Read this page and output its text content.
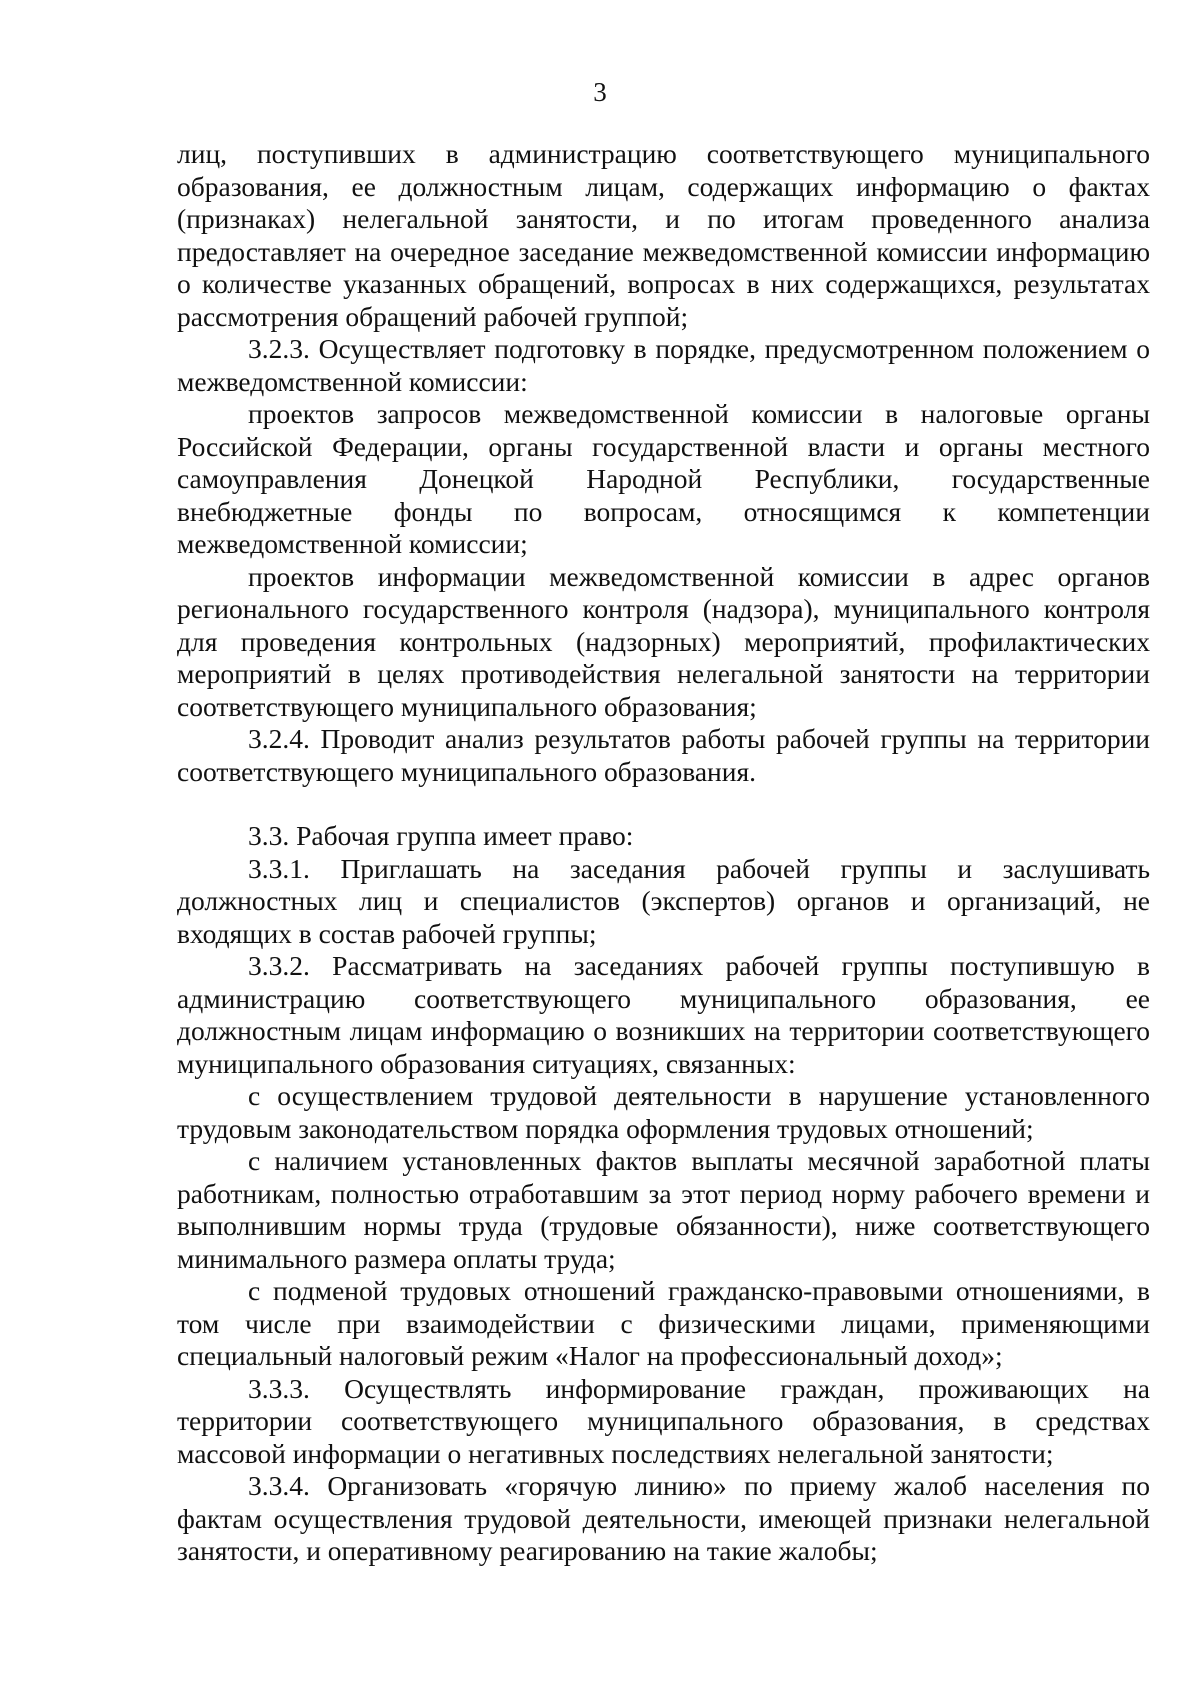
3

лиц, поступивших в администрацию соответствующего муниципального образования, ее должностным лицам, содержащих информацию о фактах (признаках) нелегальной занятости, и по итогам проведенного анализа предоставляет на очередное заседание межведомственной комиссии информацию о количестве указанных обращений, вопросах в них содержащихся, результатах рассмотрения обращений рабочей группой;

3.2.3. Осуществляет подготовку в порядке, предусмотренном положением о межведомственной комиссии:

проектов запросов межведомственной комиссии в налоговые органы Российской Федерации, органы государственной власти и органы местного самоуправления Донецкой Народной Республики, государственные внебюджетные фонды по вопросам, относящимся к компетенции межведомственной комиссии;

проектов информации межведомственной комиссии в адрес органов регионального государственного контроля (надзора), муниципального контроля для проведения контрольных (надзорных) мероприятий, профилактических мероприятий в целях противодействия нелегальной занятости на территории соответствующего муниципального образования;

3.2.4. Проводит анализ результатов работы рабочей группы на территории соответствующего муниципального образования.

3.3. Рабочая группа имеет право:

3.3.1. Приглашать на заседания рабочей группы и заслушивать должностных лиц и специалистов (экспертов) органов и организаций, не входящих в состав рабочей группы;

3.3.2. Рассматривать на заседаниях рабочей группы поступившую в администрацию соответствующего муниципального образования, ее должностным лицам информацию о возникших на территории соответствующего муниципального образования ситуациях, связанных:

с осуществлением трудовой деятельности в нарушение установленного трудовым законодательством порядка оформления трудовых отношений;

с наличием установленных фактов выплаты месячной заработной платы работникам, полностью отработавшим за этот период норму рабочего времени и выполнившим нормы труда (трудовые обязанности), ниже соответствующего минимального размера оплаты труда;

с подменой трудовых отношений гражданско-правовыми отношениями, в том числе при взаимодействии с физическими лицами, применяющими специальный налоговый режим «Налог на профессиональный доход»;

3.3.3. Осуществлять информирование граждан, проживающих на территории соответствующего муниципального образования, в средствах массовой информации о негативных последствиях нелегальной занятости;

3.3.4. Организовать «горячую линию» по приему жалоб населения по фактам осуществления трудовой деятельности, имеющей признаки нелегальной занятости, и оперативному реагированию на такие жалобы;
